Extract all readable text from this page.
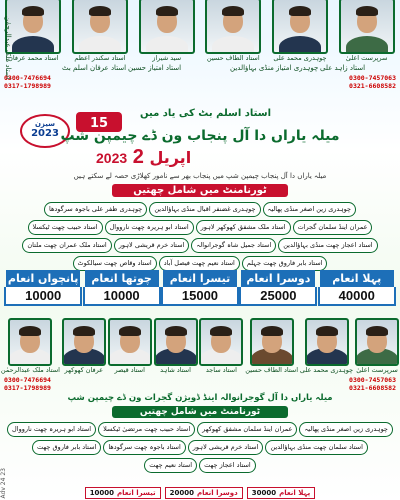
سرپرست اعلیٰ
چوہدری محمد علی
استاد الطاف حسین
سید شیراز
استاد سکندر اعظم
استاد محمد عرفان
استاد ملک عبدالرحمٰن	استاد عرفان اسلم بٹ استاد امتیاز حسین	چوہدری امتیاز منڈی بہاؤالدین استاد زاہد علی
0300-7476694
0317-1798989
0300-7457063
0321-6608582
استاد اسلم بٹ کی یاد میں
15 رمضان
سیزن
2023 میلہ یاراں دا آل پنجاب ون ڈے چیمپن شپ
2023 اپریل 2
میلہ یاراں دا آل پنجاب چیمپن شپ میں پنجاب بھر سے نامور کھلاڑی حصہ لے سکتے ہیں
ٹورنامنٹ میں شامل چھتیں
چوہدری زین اصغر منڈی پھالیہچوہدری غضنفر اقبال منڈی بہاؤالدینچوہدری ظفر علی باجوہ سرگودھاعمران اینڈ سلمان گجراتاستاد ملک مشفق کھوکھر لاہوراستاد ابو ہریرہ چھت نارووالاستاد حبیب چھت ٹیکسلااستاد اعجاز چھت منڈی بہاؤالدیناستاد جمیل شاہ گوجرانوالہاستاد خرم قریشی لاہوراستاد ملک عمران چھت ملتاناستاد بابر فاروق چھت جہلماستاد نعیم چھت فیصل آباداستاد وقاص چھت سیالکوٹ
پہلا انعام
40000
دوسرا انعام
25000
تیسرا انعام
15000
چوتھا انعام
10000
پانچواں انعام
10000
سرپرست اعلیٰ
چوہدری محمد علی
استاد الطاف حسین
استاد ساجد
استاد شاہد
استاد قیصر
عرفان کھوکھر
استاد ملک عبدالرحمٰن
0300-7476694
0317-1798989
0300-7457063
0321-6608582
میلہ یاراں دا آل گوجرانوالہ اینڈ ڈویژن گجرات ون ڈے چیمپن شپ
ٹورنامنٹ میں شامل چھتیں
چوہدری زین اصغر منڈی پھالیہعمران اینڈ سلمان مشفق کھوکھراستاد حبیب چھت مرتضیٰ ٹیکسلااستاد ابو ہریرہ چھت نارووالاستاد سلمان چھت منڈی بہاؤالدیناستاد خرم قریشی لاہوراستاد باجوہ چھت سرگودھااستاد بابر فاروق چھتاستاد اعجاز چھتاستاد نعیم چھت
پہلا انعام30000دوسرا انعام20000تیسرا انعام10000
Adv 24 23
